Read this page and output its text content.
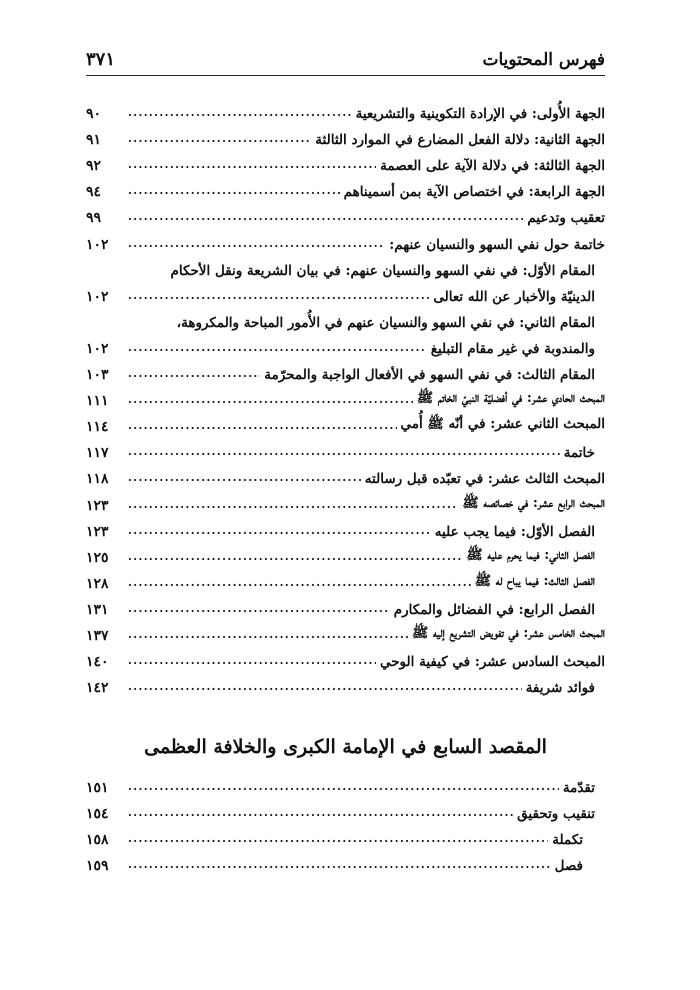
فهرس المحتويات
٣٧١
الجهة الأُولى: في الإرادة التكوينية والتشريعية
.....
٩٠
الجهة الثانية: دلالة الفعل المضارع في الموارد الثالثة
.....
٩١
الجهة الثالثة: في دلالة الآية على العصمة
.....
٩٢
الجهة الرابعة: في اختصاص الآية بمن أسميناهم
.....
٩٤
تعقيب وتدعيم
.....
٩٩
خاتمة حول نفي السهو والنسيان عنهم:
.....
١٠٢
المقام الأوّل: في نفي السهو والنسيان عنهم: في بيان الشريعة ونقل الأحكام
الدينيّة والأخبار عن الله تعالى
.....
١٠٢
المقام الثاني: في نفي السهو والنسيان عنهم في الأُمور المباحة والمكروهة،
والمندوبة في غير مقام التبليغ
.....
١٠٢
المقام الثالث: في نفي السهو في الأفعال الواجبة والمحرّمة
.....
١٠٣
المبحث الحادي عشر: في أفضليّة النبيّ الخاتم ﷺ
.....
١١١
المبحث الثاني عشر: في أنّه ﷺ أُمي
.....
١١٤
خاتمة
.....
١١٧
المبحث الثالث عشر: في تعبّده قبل رسالته
.....
١١٨
المبحث الرابع عشر: في خصائصه ﷺ
.....
١٢٣
الفصل الأوّل: فيما يجب عليه
.....
١٢٣
الفصل الثاني: فيما يحرم عليه ﷺ
.....
١٢٥
الفصل الثالث: فيما يباح له ﷺ
.....
١٢٨
الفصل الرابع: في الفضائل والمكارم
.....
١٣١
المبحث الخامس عشر: في تفويض التشريع إليه ﷺ
.....
١٣٧
المبحث السادس عشر: في كيفية الوحي
.....
١٤٠
فوائد شريفة
.....
١٤٢
المقصد السابع في الإمامة الكبرى والخلافة العظمى
تقدّمة
.....
١٥١
تنقيب وتحقيق
.....
١٥٤
تكملة
.....
١٥٨
فصل
.....
١٥٩
